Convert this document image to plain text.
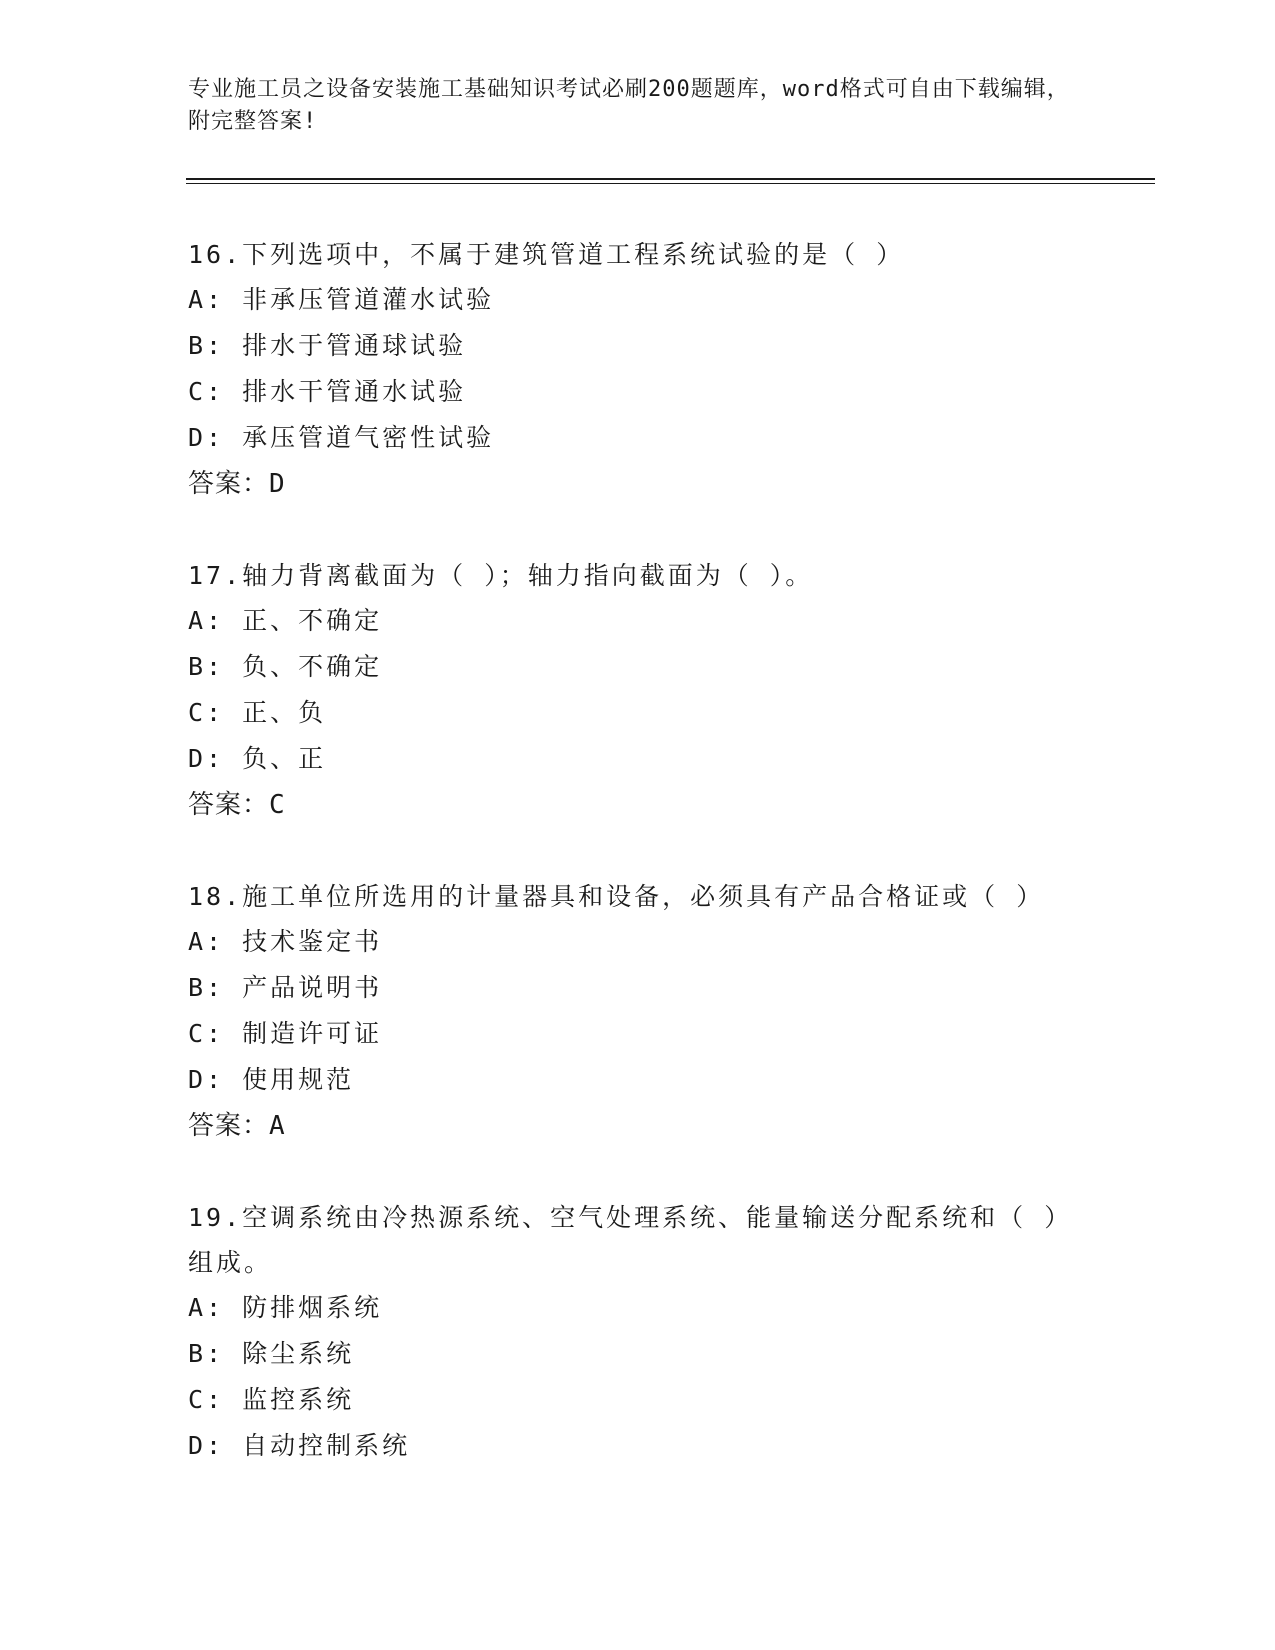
专业施工员之设备安装施工基础知识考试必刷200题题库，word格式可自由下载编辑，附完整答案!
16.下列选项中，不属于建筑管道工程系统试验的是（ ）
A: 非承压管道灌水试验
B: 排水于管通球试验
C: 排水干管通水试验
D: 承压管道气密性试验
答案：D
17.轴力背离截面为（ ）；轴力指向截面为（ ）。
A: 正、不确定
B: 负、不确定
C: 正、负
D: 负、正
答案：C
18.施工单位所选用的计量器具和设备，必须具有产品合格证或（ ）
A: 技术鉴定书
B: 产品说明书
C: 制造许可证
D: 使用规范
答案：A
19.空调系统由冷热源系统、空气处理系统、能量输送分配系统和（ ）组成。
A: 防排烟系统
B: 除尘系统
C: 监控系统
D: 自动控制系统
